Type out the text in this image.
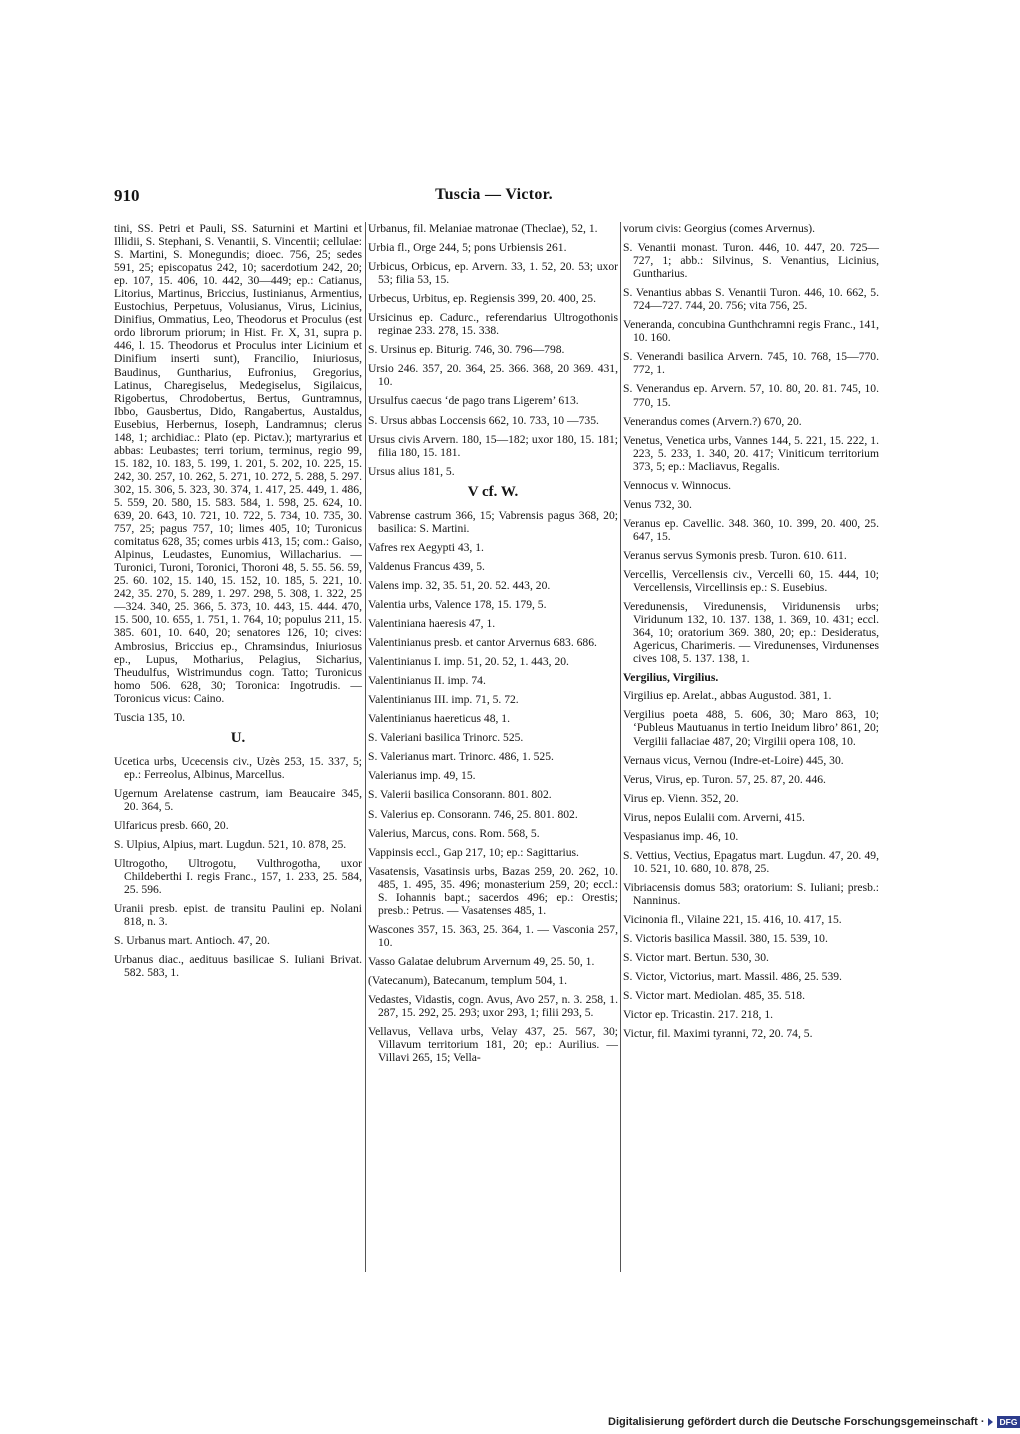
910	Tuscia — Victor.
tini, SS. Petri et Pauli, SS. Saturnini et Martini et Illidii, S. Stephani, S. Venantii, S. Vincentii; cellulae: S. Martini, S. Monegundis; dioec. 756, 25; sedes 591, 25; episcopatus 242, 10; sacerdotium 242, 20; ep. 107, 15. 406, 10. 442, 30—449; ep.: Catianus, Litorius, Martinus, Briccius, Iustinianus, Armentius, Eustochius, Perpetuus, Volusianus, Virus, Licinius, Dinifius, Ommatius, Leo, Theodorus et Proculus (est ordo librorum priorum; in Hist. Fr. X, 31, supra p. 446, l. 15. Theodorus et Proculus inter Licinium et Dinifium inserti sunt), Francilio, Iniuriosus, Baudinus, Guntharius, Eufronius, Gregorius, Latinus, Charegiselus, Medegiselus, Sigilaicus, Rigobertus, Chrodobertus, Bertus, Guntramnus, Ibbo, Gausbertus, Dido, Rangabertus, Austaldus, Eusebius, Herbernus, Ioseph, Landramnus; clerus 148, 1; archidiac.: Plato (ep. Pictav.); martyrarius et abbas: Leubastes; terri torium, terminus, regio 99, 15. 182, 10. 183, 5. 199, 1. 201, 5. 202, 10. 225, 15. 242, 30. 257, 10. 262, 5. 271, 10. 272, 5. 288, 5. 297. 302, 15. 306, 5. 323, 30. 374, 1. 417, 25. 449, 1. 486, 5. 559, 20. 580, 15. 583. 584, 1. 598, 25. 624, 10. 639, 20. 643, 10. 721, 10. 722, 5. 734, 10. 735, 30. 757, 25; pagus 757, 10; limes 405, 10; Turonicus comitatus 628, 35; comes urbis 413, 15; com.: Gaiso, Alpinus, Leudastes, Eunomius, Willacharius. — Turonici, Turoni, Toronici, Thoroni 48, 5. 55. 56. 59, 25. 60. 102, 15. 140, 15. 152, 10. 185, 5. 221, 10. 242, 35. 270, 5. 289, 1. 297. 298, 5. 308, 1. 322, 25—324. 340, 25. 366, 5. 373, 10. 443, 15. 444. 470, 15. 500, 10. 655, 1. 751, 1. 764, 10; populus 211, 15. 385. 601, 10. 640, 20; senatores 126, 10; cives: Ambrosius, Briccius ep., Chramsindus, Iniuriosus ep., Lupus, Motharius, Pelagius, Sicharius, Theudulfus, Wistrimundus cogn. Tatto; Turonicus homo 506. 628, 30; Toronica: Ingotrudis. — Toronicus vicus: Caino.
Tuscia 135, 10.
U.
Ucetica urbs, Ucecensis civ., Uzès 253, 15. 337, 5; ep.: Ferreolus, Albinus, Marcellus.
Ugernum Arelatense castrum, iam Beaucaire 345, 20. 364, 5.
Ulfaricus presb. 660, 20.
S. Ulpius, Alpius, mart. Lugdun. 521, 10. 878, 25.
Ultrogotho, Ultrogotu, Vulthrogotha, uxor Childeberthi I. regis Franc., 157, 1. 233, 25. 584, 25. 596.
Uranii presb. epist. de transitu Paulini ep. Nolani 818, n. 3.
S. Urbanus mart. Antioch. 47, 20.
Urbanus diac., aedituus basilicae S. Iuliani Brivat. 582. 583, 1.
Urbanus, fil. Melaniae matronae (Theclae), 52, 1.
Urbia fl., Orge 244, 5; pons Urbiensis 261.
Urbicus, Orbicus, ep. Arvern. 33, 1. 52, 20. 53; uxor 53; filia 53, 15.
Urbecus, Urbitus, ep. Regiensis 399, 20. 400, 25.
Ursicinus ep. Cadurc., referendarius Ultrogothonis reginae 233. 278, 15. 338.
S. Ursinus ep. Biturig. 746, 30. 796—798.
Ursio 246. 357, 20. 364, 25. 366. 368, 20 369. 431, 10.
Ursulfus caecus ‘de pago trans Ligerem’ 613.
S. Ursus abbas Loccensis 662, 10. 733, 10 —735.
Ursus civis Arvern. 180, 15—182; uxor 180, 15. 181; filia 180, 15. 181.
Ursus alius 181, 5.
V cf. W.
Vabrense castrum 366, 15; Vabrensis pagus 368, 20; basilica: S. Martini.
Vafres rex Aegypti 43, 1.
Valdenus Francus 439, 5.
Valens imp. 32, 35. 51, 20. 52. 443, 20.
Valentia urbs, Valence 178, 15. 179, 5.
Valentiniana haeresis 47, 1.
Valentinianus presb. et cantor Arvernus 683. 686.
Valentinianus I. imp. 51, 20. 52, 1. 443, 20.
Valentinianus II. imp. 74.
Valentinianus III. imp. 71, 5. 72.
Valentinianus haereticus 48, 1.
S. Valeriani basilica Trinorc. 525.
S. Valerianus mart. Trinorc. 486, 1. 525.
Valerianus imp. 49, 15.
S. Valerii basilica Consorann. 801. 802.
S. Valerius ep. Consorann. 746, 25. 801. 802.
Valerius, Marcus, cons. Rom. 568, 5.
Vappinsis eccl., Gap 217, 10; ep.: Sagittarius.
Vasatensis, Vasatinsis urbs, Bazas 259, 20. 262, 10. 485, 1. 495, 35. 496; monasterium 259, 20; eccl.: S. Iohannis bapt.; sacerdos 496; ep.: Orestis; presb.: Petrus. — Vasatenses 485, 1.
Wascones 357, 15. 363, 25. 364, 1. — Vasconia 257, 10.
Vasso Galatae delubrum Arvernum 49, 25. 50, 1.
(Vatecanum), Batecanum, templum 504, 1.
Vedastes, Vidastis, cogn. Avus, Avo 257, n. 3. 258, 1. 287, 15. 292, 25. 293; uxor 293, 1; filii 293, 5.
Vellavus, Vellava urbs, Velay 437, 25. 567, 30; Villavum territorium 181, 20; ep.: Aurilius. — Villavi 265, 15; Vella-
vorum civis: Georgius (comes Arvernus).
S. Venantii monast. Turon. 446, 10. 447, 20. 725—727, 1; abb.: Silvinus, S. Venantius, Licinius, Guntharius.
S. Venantius abbas S. Venantii Turon. 446, 10. 662, 5. 724—727. 744, 20. 756; vita 756, 25.
Veneranda, concubina Gunthchramni regis Franc., 141, 10. 160.
S. Venerandi basilica Arvern. 745, 10. 768, 15—770. 772, 1.
S. Venerandus ep. Arvern. 57, 10. 80, 20. 81. 745, 10. 770, 15.
Venerandus comes (Arvern.?) 670, 20.
Venetus, Venetica urbs, Vannes 144, 5. 221, 15. 222, 1. 223, 5. 233, 1. 340, 20. 417; Viniticum territorium 373, 5; ep.: Macliavus, Regalis.
Vennocus v. Winnocus.
Venus 732, 30.
Veranus ep. Cavellic. 348. 360, 10. 399, 20. 400, 25. 647, 15.
Veranus servus Symonis presb. Turon. 610. 611.
Vercellis, Vercellensis civ., Vercelli 60, 15. 444, 10; Vercellensis, Vircellinsis ep.: S. Eusebius.
Veredunensis, Viredunensis, Viridunensis urbs; Viridunum 132, 10. 137. 138, 1. 369, 10. 431; eccl. 364, 10; oratorium 369. 380, 20; ep.: Desideratus, Agericus, Charimeris. — Viredunenses, Virdunenses cives 108, 5. 137. 138, 1.
Vergilius, Virgilius.
Virgilius ep. Arelat., abbas Augustod. 381, 1.
Vergilius poeta 488, 5. 606, 30; Maro 863, 10; ‘Publeus Mautuanus in tertio Ineidum libro’ 861, 20; Vergilii fallaciae 487, 20; Virgilii opera 108, 10.
Vernaus vicus, Vernou (Indre-et-Loire) 445, 30.
Verus, Virus, ep. Turon. 57, 25. 87, 20. 446.
Virus ep. Vienn. 352, 20.
Virus, nepos Eulalii com. Arverni, 415.
Vespasianus imp. 46, 10.
S. Vettius, Vectius, Epagatus mart. Lugdun. 47, 20. 49, 10. 521, 10. 680, 10. 878, 25.
Vibriacensis domus 583; oratorium: S. Iuliani; presb.: Nanninus.
Vicinonia fl., Vilaine 221, 15. 416, 10. 417, 15.
S. Victoris basilica Massil. 380, 15. 539, 10.
S. Victor mart. Bertun. 530, 30.
S. Victor, Victorius, mart. Massil. 486, 25. 539.
S. Victor mart. Mediolan. 485, 35. 518.
Victor ep. Tricastin. 217. 218, 1.
Victur, fil. Maximi tyranni, 72, 20. 74, 5.
Digitalisierung gefördert durch die Deutsche Forschungsgemeinschaft · DFG
